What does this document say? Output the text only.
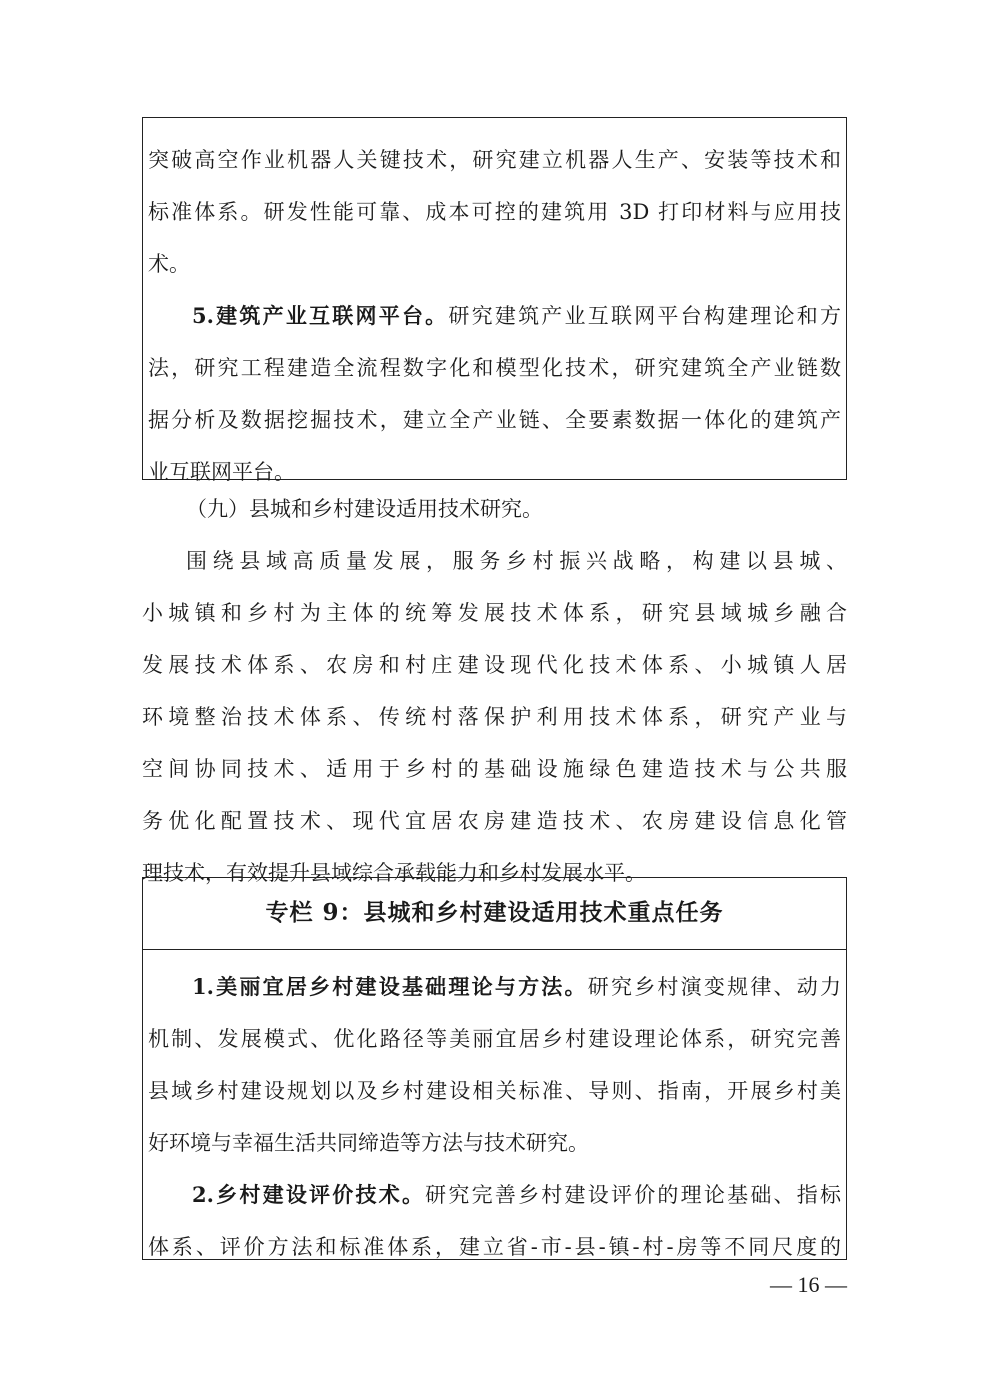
突破高空作业机器人关键技术，研究建立机器人生产、安装等技术和
标准体系。研发性能可靠、成本可控的建筑用 3D 打印材料与应用技
术。
5.建筑产业互联网平台。研究建筑产业互联网平台构建理论和方
法，研究工程建造全流程数字化和模型化技术，研究建筑全产业链数
据分析及数据挖掘技术，建立全产业链、全要素数据一体化的建筑产
业互联网平台。
（九）县城和乡村建设适用技术研究。
围绕县域高质量发展，服务乡村振兴战略，构建以县城、
小城镇和乡村为主体的统筹发展技术体系，研究县域城乡融合
发展技术体系、农房和村庄建设现代化技术体系、小城镇人居
环境整治技术体系、传统村落保护利用技术体系，研究产业与
空间协同技术、适用于乡村的基础设施绿色建造技术与公共服
务优化配置技术、现代宜居农房建造技术、农房建设信息化管
理技术，有效提升县域综合承载能力和乡村发展水平。
专栏 9：县城和乡村建设适用技术重点任务
1.美丽宜居乡村建设基础理论与方法。研究乡村演变规律、动力
机制、发展模式、优化路径等美丽宜居乡村建设理论体系，研究完善
县域乡村建设规划以及乡村建设相关标准、导则、指南，开展乡村美
好环境与幸福生活共同缔造等方法与技术研究。
2.乡村建设评价技术。研究完善乡村建设评价的理论基础、指标
体系、评价方法和标准体系，建立省-市-县-镇-村-房等不同尺度的
— 16 —
